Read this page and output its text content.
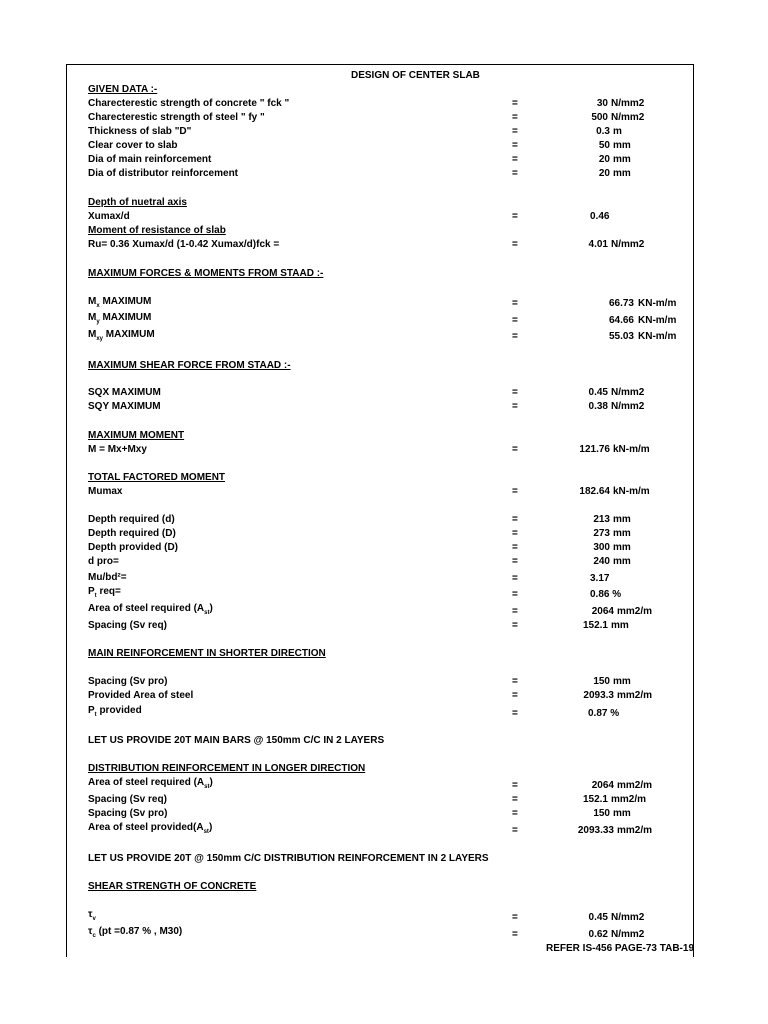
DESIGN OF CENTER SLAB
GIVEN DATA :-
Charecterestic strength of concrete " fck "	=	30 N/mm2
Charecterestic strength of steel " fy "	=	500 N/mm2
Thickness of slab "D"	=	0.3 m
Clear cover to slab	=	50 mm
Dia of main reinforcement	=	20 mm
Dia of distributor reinforcement	=	20 mm
Depth of nuetral axis
Xumax/d	=	0.46
Moment of resistance of slab
Ru= 0.36 Xumax/d (1-0.42 Xumax/d)fck =	=	4.01 N/mm2
MAXIMUM FORCES & MOMENTS FROM STAAD :-
$M_x$ MAXIMUM	=	66.73 KN-m/m
$M_y$ MAXIMUM	=	64.66 KN-m/m
$M_{xy}$ MAXIMUM	=	55.03 KN-m/m
MAXIMUM SHEAR FORCE FROM STAAD :-
SQX MAXIMUM	=	0.45 N/mm2
SQY MAXIMUM	=	0.38 N/mm2
MAXIMUM MOMENT
M = Mx+Mxy	=	121.76 kN-m/m
TOTAL FACTORED MOMENT
Mumax	=	182.64 kN-m/m
Depth required (d)	=	213 mm
Depth required (D)	=	273 mm
Depth provided (D)	=	300 mm
d pro=	=	240 mm
Mu/bd²=	=	3.17
$P_t$ req=	=	0.86 %
Area of steel required $(A_{st})$	=	2064 mm2/m
Spacing (Sv req)	=	152.1 mm
MAIN REINFORCEMENT IN SHORTER DIRECTION
Spacing (Sv pro)	=	150 mm
Provided Area of steel	=	2093.3 mm2/m
$P_t$ provided	=	0.87 %
LET US PROVIDE 20T MAIN BARS @ 150mm C/C IN 2 LAYERS
DISTRIBUTION REINFORCEMENT IN LONGER DIRECTION
Area of steel required $(A_{st})$	=	2064 mm2/m
Spacing (Sv req)	=	152.1 mm2/m
Spacing (Sv pro)	=	150 mm
Area of steel $provided(A_{st})$	=	2093.33 mm2/m
LET US PROVIDE 20T @ 150mm C/C DISTRIBUTION REINFORCEMENT IN 2 LAYERS
SHEAR STRENGTH OF CONCRETE
$\tau_v$	=	0.45 N/mm2
$\tau_c$ (pt =0.87 % , M30)	=	0.62 N/mm2
REFER IS-456 PAGE-73 TAB-19
